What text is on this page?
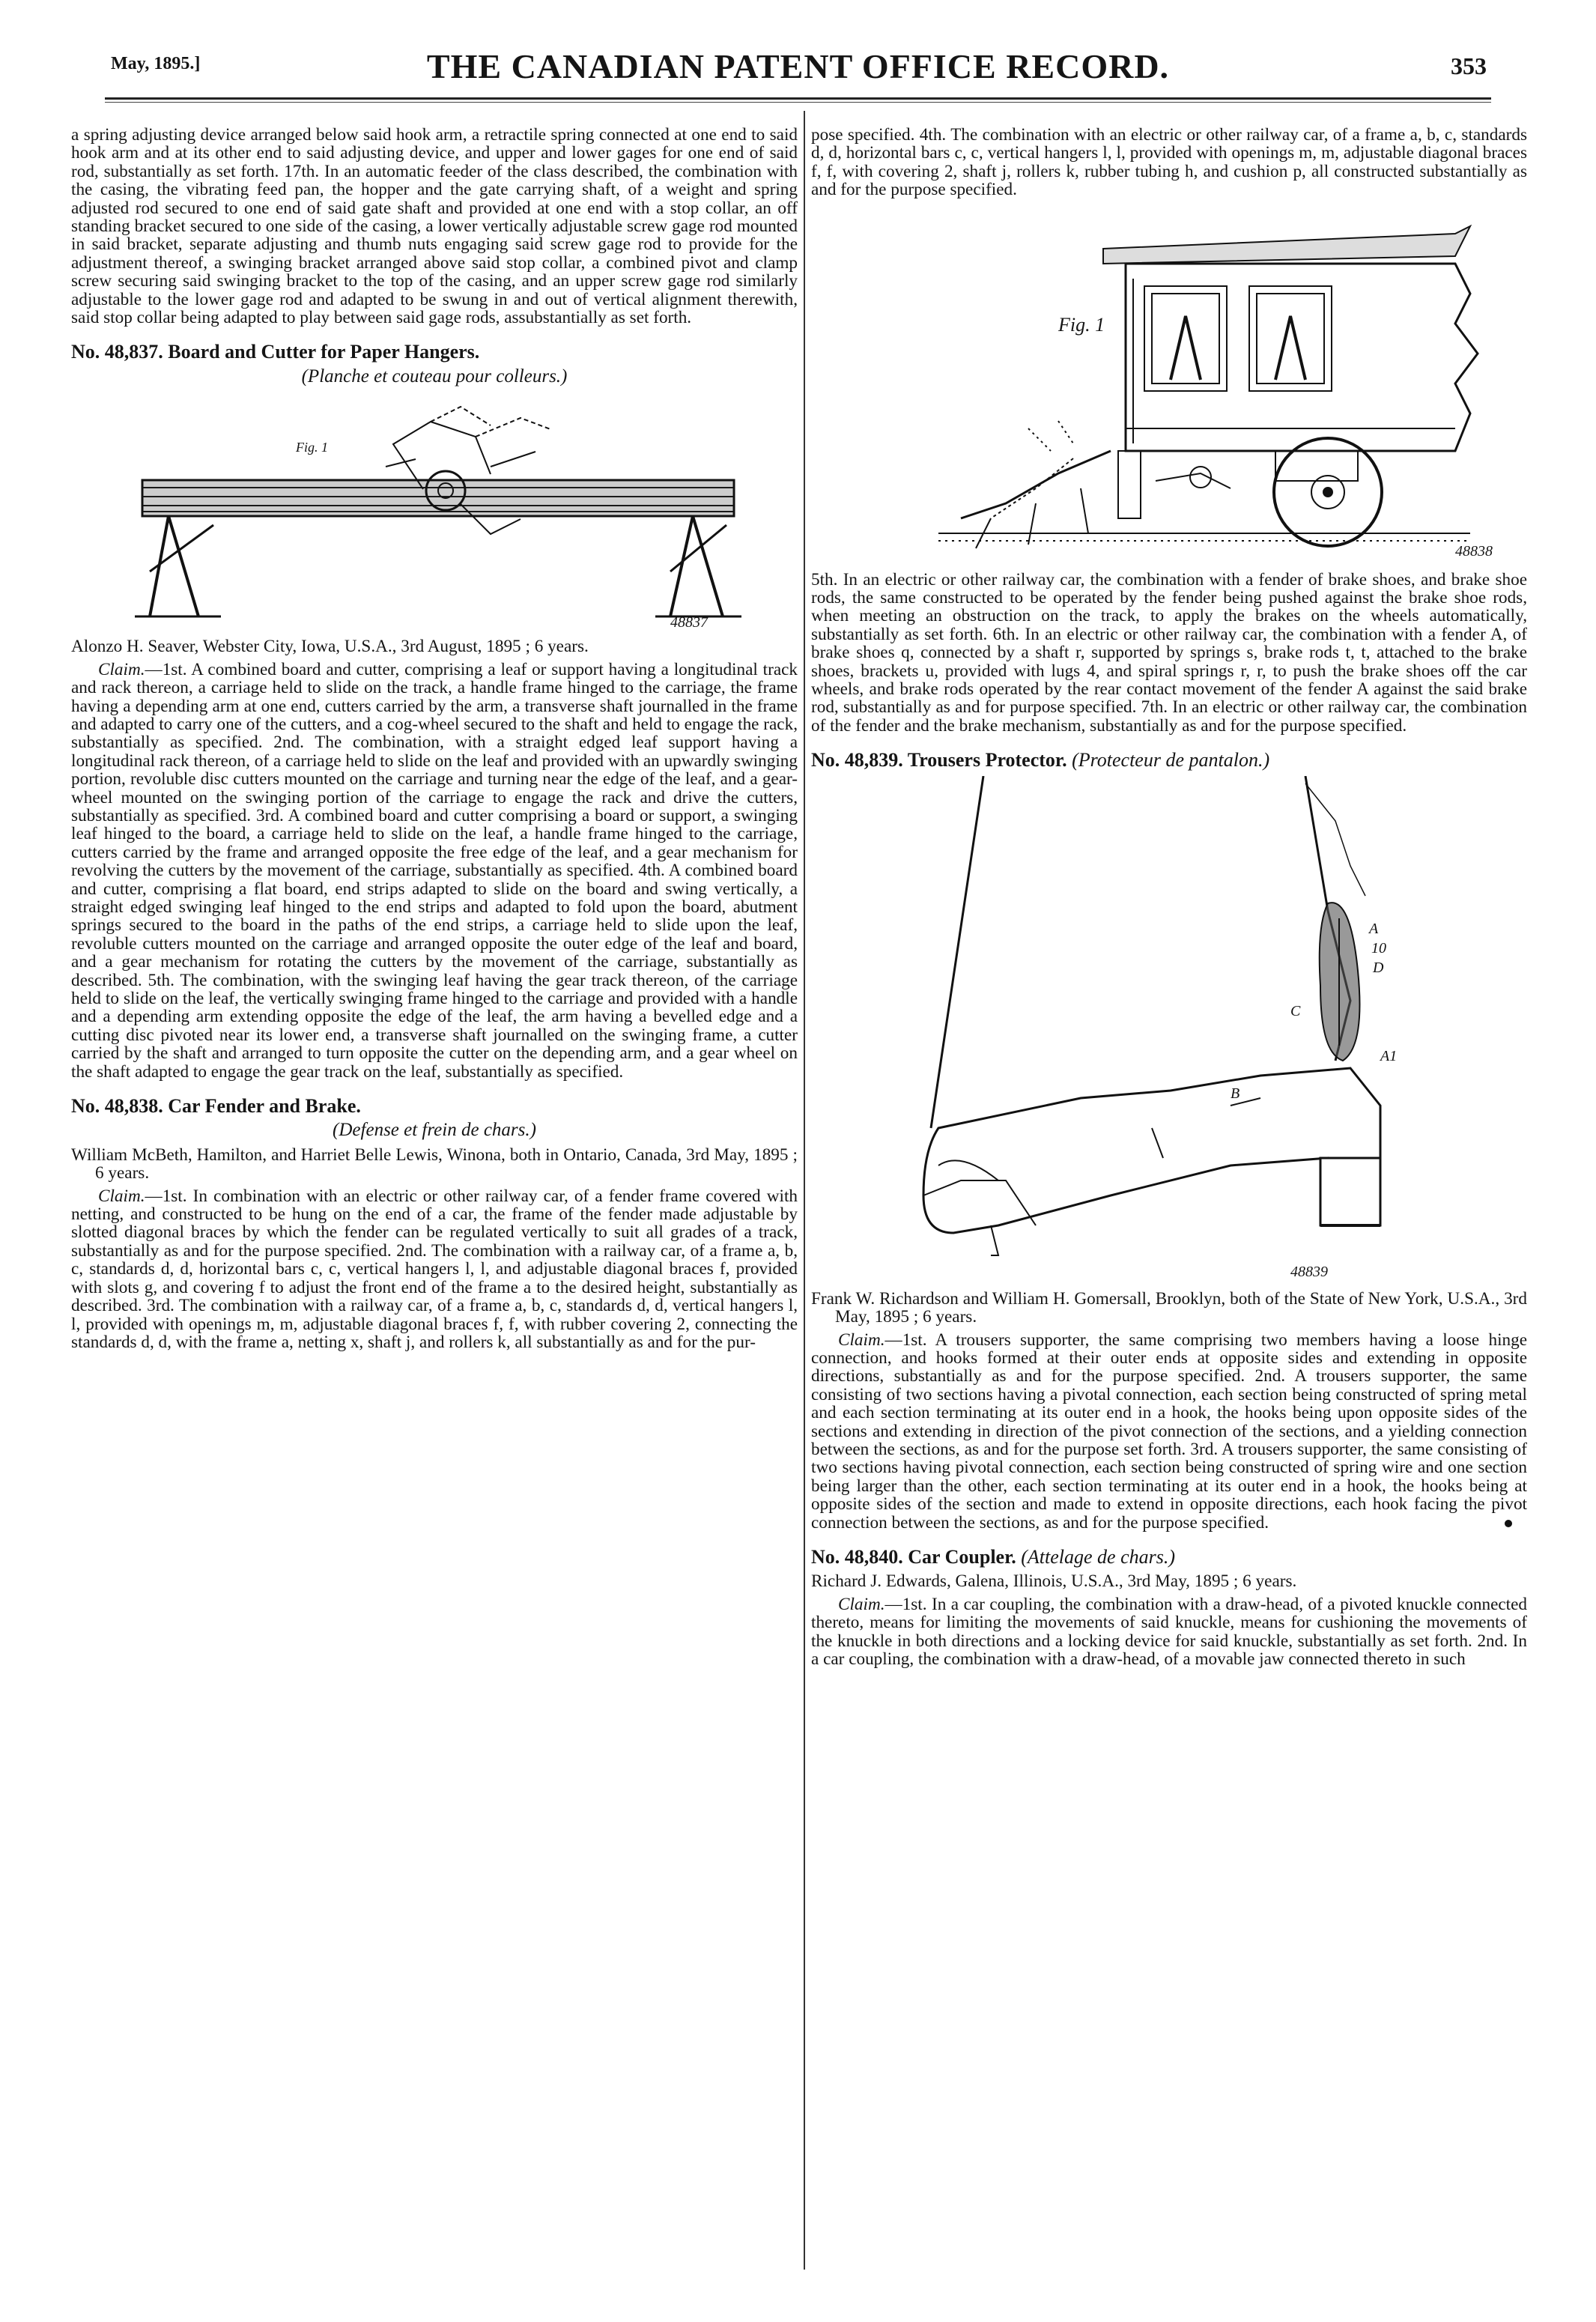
May, 1895.]	THE CANADIAN PATENT OFFICE RECORD.	353

a spring adjusting device arranged below said hook arm, a retractile spring connected at one end to said hook arm and at its other end to said adjusting device, and upper and lower gages for one end of said rod, substantially as set forth. 17th. In an automatic feeder of the class described, the combination with the casing, the vibrating feed pan, the hopper and the gate carrying shaft, of a weight and spring adjusted rod secured to one end of said gate shaft and provided at one end with a stop collar, an off standing bracket secured to one side of the casing, a lower vertically adjustable screw gage rod mounted in said bracket, separate adjusting and thumb nuts engaging said screw gage rod to provide for the adjustment thereof, a swinging bracket arranged above said stop collar, a combined pivot and clamp screw securing said swinging bracket to the top of the casing, and an upper screw gage rod similarly adjustable to the lower gage rod and adapted to be swung in and out of vertical alignment therewith, said stop collar being adapted to play between said gage rods, assubstantially as set forth.

No. 48,837. Board and Cutter for Paper Hangers.
(Planche et couteau pour colleurs.)
Fig. 1
48837

Alonzo H. Seaver, Webster City, Iowa, U.S.A., 3rd August, 1895 ; 6 years.

Claim.—1st. A combined board and cutter, comprising a leaf or support having a longitudinal track and rack thereon, a carriage held to slide on the track, a handle frame hinged to the carriage, the frame having a depending arm at one end, cutters carried by the arm, a transverse shaft journalled in the frame and adapted to carry one of the cutters, and a cog-wheel secured to the shaft and held to engage the rack, substantially as specified. 2nd. The combination, with a straight edged leaf support having a longitudinal rack thereon, of a carriage held to slide on the leaf and provided with an upwardly swinging portion, revoluble disc cutters mounted on the carriage and turning near the edge of the leaf, and a gear-wheel mounted on the swinging portion of the carriage to engage the rack and drive the cutters, substantially as specified. 3rd. A combined board and cutter comprising a board or support, a swinging leaf hinged to the board, a carriage held to slide on the leaf, a handle frame hinged to the carriage, cutters carried by the frame and arranged opposite the free edge of the leaf, and a gear mechanism for revolving the cutters by the movement of the carriage, substantially as specified. 4th. A combined board and cutter, comprising a flat board, end strips adapted to slide on the board and swing vertically, a straight edged swinging leaf hinged to the end strips and adapted to fold upon the board, abutment springs secured to the board in the paths of the end strips, a carriage held to slide upon the leaf, revoluble cutters mounted on the carriage and arranged opposite the outer edge of the leaf and board, and a gear mechanism for rotating the cutters by the movement of the carriage, substantially as described. 5th. The combination, with the swinging leaf having the gear track thereon, of the carriage held to slide on the leaf, the vertically swinging frame hinged to the carriage and provided with a handle and a depending arm extending opposite the edge of the leaf, the arm having a bevelled edge and a cutting disc pivoted near its lower end, a transverse shaft journalled on the swinging frame, a cutter carried by the shaft and arranged to turn opposite the cutter on the depending arm, and a gear wheel on the shaft adapted to engage the gear track on the leaf, substantially as specified.

No. 48,838. Car Fender and Brake.
(Defense et frein de chars.)

William McBeth, Hamilton, and Harriet Belle Lewis, Winona, both in Ontario, Canada, 3rd May, 1895 ; 6 years.

Claim.—1st. In combination with an electric or other railway car, of a fender frame covered with netting, and constructed to be hung on the end of a car, the frame of the fender made adjustable by slotted diagonal braces by which the fender can be regulated vertically to suit all grades of a track, substantially as and for the purpose specified. 2nd. The combination with a railway car, of a frame a, b, c, standards d, d, horizontal bars c, c, vertical hangers l, l, and adjustable diagonal braces f, provided with slots g, and covering f to adjust the front end of the frame a to the desired height, substantially as described. 3rd. The combination with a railway car, of a frame a, b, c, standards d, d, vertical hangers l, l, provided with openings m, m, adjustable diagonal braces f, f, with rubber covering 2, connecting the standards d, d, with the frame a, netting x, shaft j, and rollers k, all substantially as and for the pur-

pose specified. 4th. The combination with an electric or other railway car, of a frame a, b, c, standards d, d, horizontal bars c, c, vertical hangers l, l, provided with openings m, m, adjustable diagonal braces f, f, with covering 2, shaft j, rollers k, rubber tubing h, and cushion p, all constructed substantially as and for the purpose specified.

Fig. 1
48838

5th. In an electric or other railway car, the combination with a fender of brake shoes, and brake shoe rods, the same constructed to be operated by the fender being pushed against the brake shoe rods, when meeting an obstruction on the track, to apply the brakes on the wheels automatically, substantially as set forth. 6th. In an electric or other railway car, the combination with a fender A, of brake shoes q, connected by a shaft r, supported by springs s, brake rods t, t, attached to the brake shoes, brackets u, provided with lugs 4, and spiral springs r, r, to push the brake shoes off the car wheels, and brake rods operated by the rear contact movement of the fender A against the said brake rod, substantially as and for purpose specified. 7th. In an electric or other railway car, the combination of the fender and the brake mechanism, substantially as and for the purpose specified.

No. 48,839. Trousers Protector. (Protecteur de pantalon.)
A
10
D
C
B
A1
48839

Frank W. Richardson and William H. Gomersall, Brooklyn, both of the State of New York, U.S.A., 3rd May, 1895 ; 6 years.

Claim.—1st. A trousers supporter, the same comprising two members having a loose hinge connection, and hooks formed at their outer ends at opposite sides and extending in opposite directions, substantially as and for the purpose specified. 2nd. A trousers supporter, the same consisting of two sections having a pivotal connection, each section being constructed of spring metal and each section terminating at its outer end in a hook, the hooks being upon opposite sides of the sections and extending in direction of the pivot connection of the sections, and a yielding connection between the sections, as and for the purpose set forth. 3rd. A trousers supporter, the same consisting of two sections having pivotal connection, each section being constructed of spring wire and one section being larger than the other, each section terminating at its outer end in a hook, the hooks being at opposite sides of the section and made to extend in opposite directions, each hook facing the pivot connection between the sections, as and for the purpose specified.

No. 48,840. Car Coupler. (Attelage de chars.)

Richard J. Edwards, Galena, Illinois, U.S.A., 3rd May, 1895 ; 6 years.

Claim.—1st. In a car coupling, the combination with a draw-head, of a pivoted knuckle connected thereto, means for limiting the movements of said knuckle, means for cushioning the movements of the knuckle in both directions and a locking device for said knuckle, substantially as set forth. 2nd. In a car coupling, the combination with a draw-head, of a movable jaw connected thereto in such
